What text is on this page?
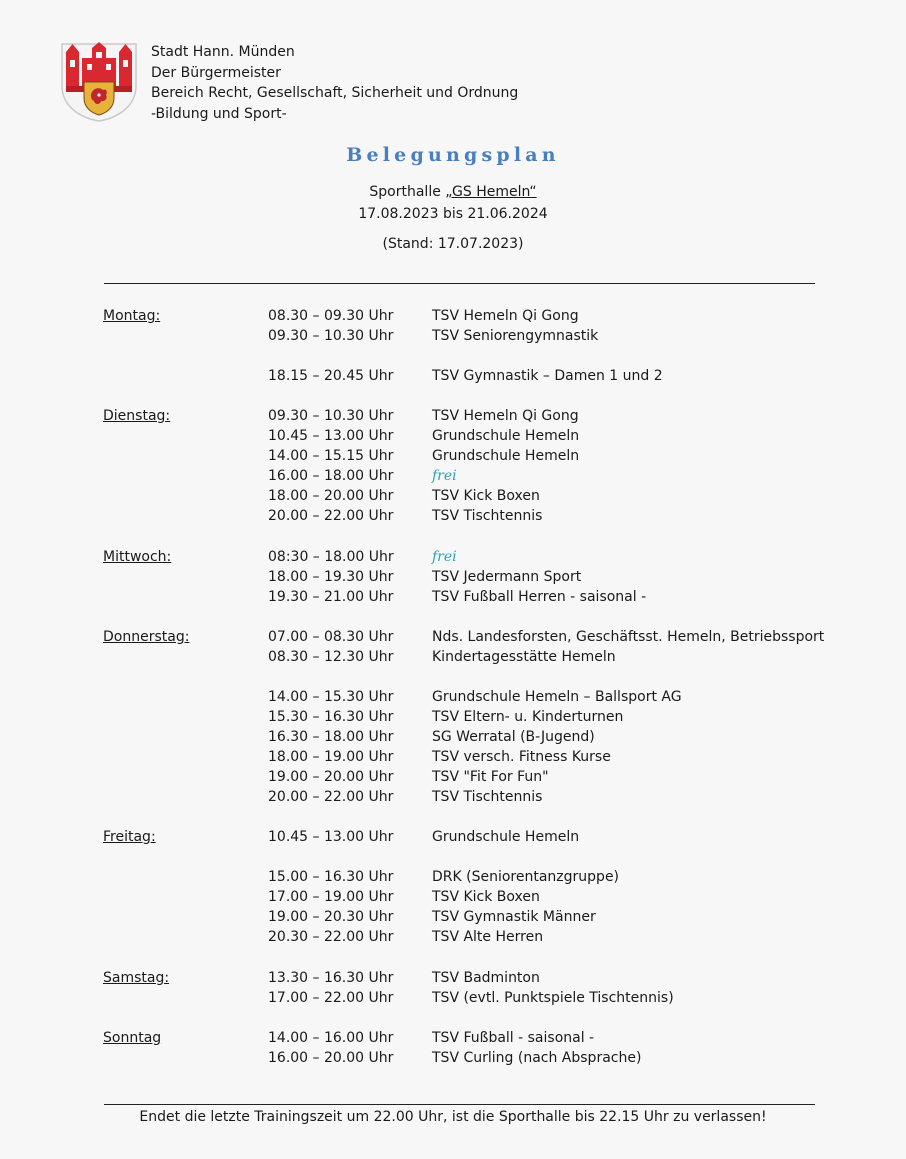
Stadt Hann. Münden
Der Bürgermeister
Bereich Recht, Gesellschaft, Sicherheit und Ordnung
-Bildung und Sport-
Belegungsplan
Sporthalle „GS Hemeln“
17.08.2023 bis 21.06.2024
(Stand: 17.07.2023)
Montag:	08.30 – 09.30 Uhr	TSV Hemeln Qi Gong
09.30 – 10.30 Uhr	TSV Seniorengymnastik
18.15 – 20.45 Uhr	TSV Gymnastik – Damen 1 und 2
Dienstag:	09.30 – 10.30 Uhr	TSV Hemeln Qi Gong
10.45 – 13.00 Uhr	Grundschule Hemeln
14.00 – 15.15 Uhr	Grundschule Hemeln
16.00 – 18.00 Uhr	frei
18.00 – 20.00 Uhr	TSV Kick Boxen
20.00 – 22.00 Uhr	TSV Tischtennis
Mittwoch:	08:30 – 18.00 Uhr	frei
18.00 – 19.30 Uhr	TSV Jedermann Sport
19.30 – 21.00 Uhr	TSV Fußball Herren - saisonal -
Donnerstag:	07.00 – 08.30 Uhr	Nds. Landesforsten, Geschäftsst. Hemeln, Betriebssport
08.30 – 12.30 Uhr	Kindertagesstätte Hemeln
14.00 – 15.30 Uhr	Grundschule Hemeln – Ballsport AG
15.30 – 16.30 Uhr	TSV Eltern- u. Kinderturnen
16.30 – 18.00 Uhr	SG Werratal (B-Jugend)
18.00 – 19.00 Uhr	TSV versch. Fitness Kurse
19.00 – 20.00 Uhr	TSV "Fit For Fun"
20.00 – 22.00 Uhr	TSV Tischtennis
Freitag:	10.45 – 13.00 Uhr	Grundschule Hemeln
15.00 – 16.30 Uhr	DRK (Seniorentanzgruppe)
17.00 – 19.00 Uhr	TSV Kick Boxen
19.00 – 20.30 Uhr	TSV Gymnastik Männer
20.30 – 22.00 Uhr	TSV Alte Herren
Samstag:	13.30 – 16.30 Uhr	TSV Badminton
17.00 – 22.00 Uhr	TSV (evtl. Punktspiele Tischtennis)
Sonntag	14.00 – 16.00 Uhr	TSV Fußball - saisonal -
16.00 – 20.00 Uhr	TSV Curling (nach Absprache)
Endet die letzte Trainingszeit um 22.00 Uhr, ist die Sporthalle bis 22.15 Uhr zu verlassen!
